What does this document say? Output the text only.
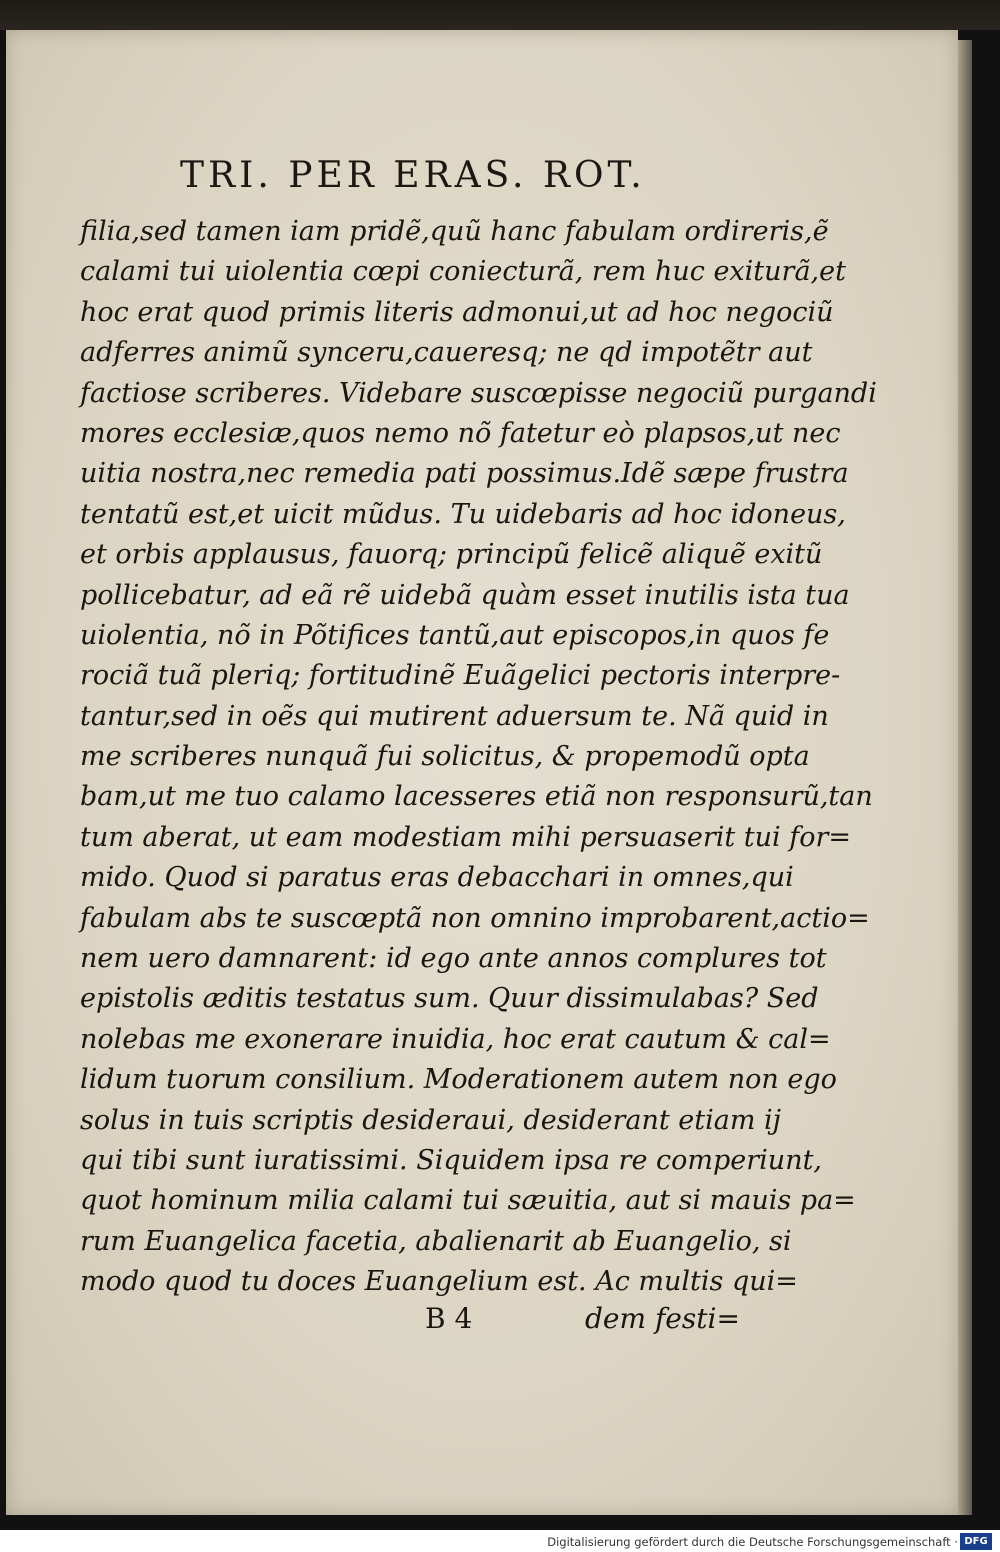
TRI. PER ERAS. ROT.
filia,sed tamen iam pridẽ,quũ hanc fabulam ordireris,ẽ
calami tui uiolentia cœpi coniecturã, rem huc exiturã,et
hoc erat quod primis literis admonui,ut ad hoc negociũ
adferres animũ synceru,caueresq; ne qd impotẽtr aut
factiose scriberes. Videbare suscœpisse negociũ purgandi
mores ecclesiæ,quos nemo nõ fatetur eò plapsos,ut nec
uitia nostra,nec remedia pati possimus.Idẽ sæpe frustra
tentatũ est,et uicit mũdus. Tu uidebaris ad hoc idoneus,
et orbis applausus, fauorq; principũ felicẽ aliquẽ exitũ
pollicebatur, ad eã rẽ uidebã quàm esset inutilis ista tua
uiolentia, nõ in Põtifices tantũ,aut episcopos,in quos fe
rociã tuã pleriq; fortitudinẽ Euãgelici pectoris interpre-
tantur,sed in oẽs qui mutirent aduersum te. Nã quid in
me scriberes nunquã fui solicitus, & propemodũ opta
bam,ut me tuo calamo lacesseres etiã non responsurũ,tan
tum aberat, ut eam modestiam mihi persuaserit tui for=
mido. Quod si paratus eras debacchari in omnes,qui
fabulam abs te suscœptã non omnino improbarent,actio=
nem uero damnarent: id ego ante annos complures tot
epistolis æditis testatus sum. Quur dissimulabas? Sed
nolebas me exonerare inuidia, hoc erat cautum & cal=
lidum tuorum consilium. Moderationem autem non ego
solus in tuis scriptis desideraui, desiderant etiam ij
qui tibi sunt iuratissimi. Siquidem ipsa re comperiunt,
quot hominum milia calami tui sæuitia, aut si mauis pa=
rum Euangelica facetia, abalienarit ab Euangelio, si
modo quod tu doces Euangelium est. Ac multis qui=
B 4	dem festi=
Digitalisierung gefördert durch die Deutsche Forschungsgemeinschaft · DFG
